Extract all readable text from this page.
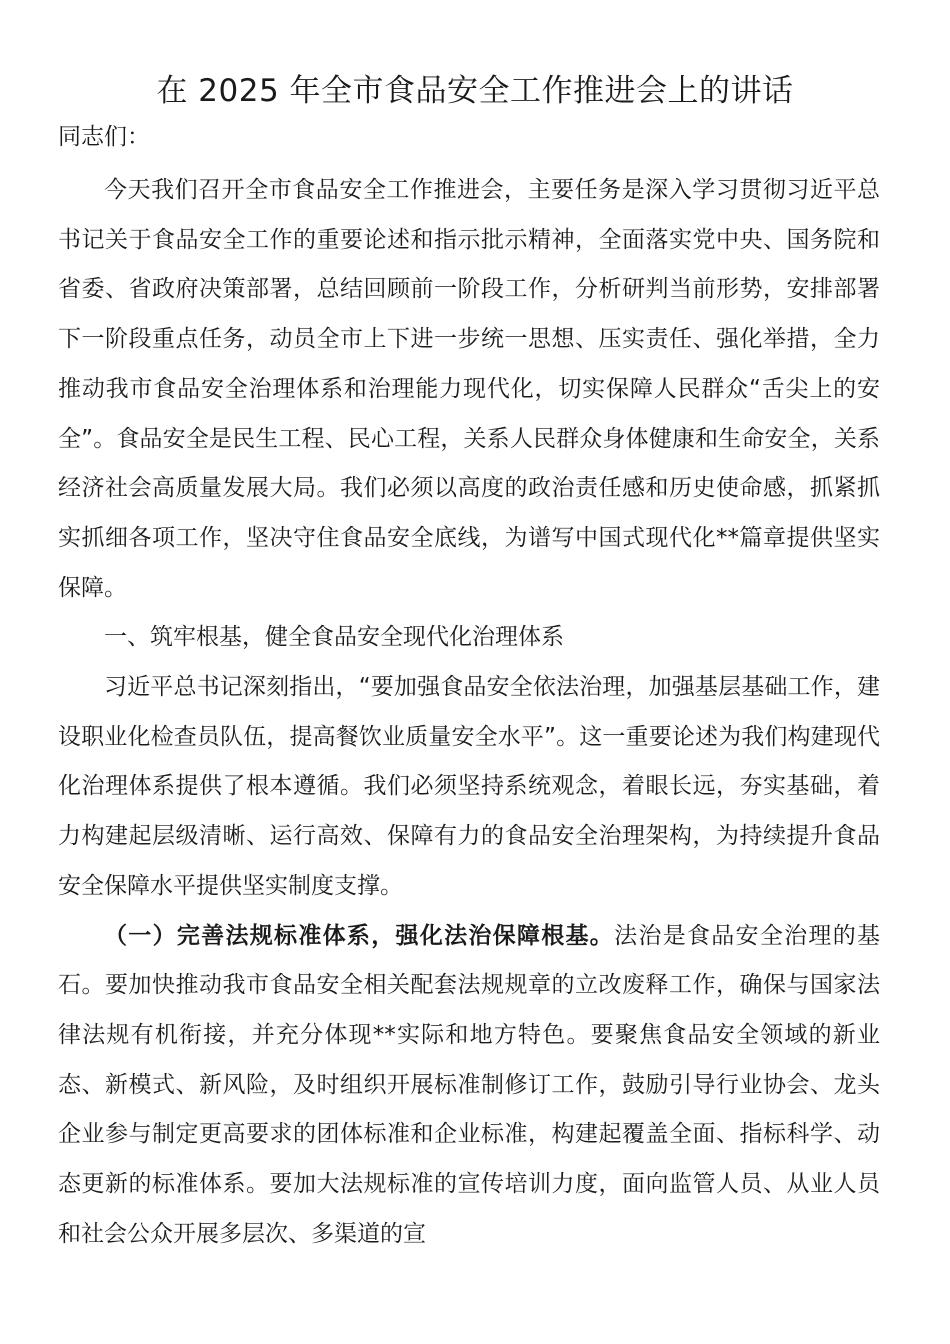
在 2025 年全市食品安全工作推进会上的讲话

同志们：

今天我们召开全市食品安全工作推进会，主要任务是深入学习贯彻习近平总书记关于食品安全工作的重要论述和指示批示精神，全面落实党中央、国务院和省委、省政府决策部署，总结回顾前一阶段工作，分析研判当前形势，安排部署下一阶段重点任务，动员全市上下进一步统一思想、压实责任、强化举措，全力推动我市食品安全治理体系和治理能力现代化，切实保障人民群众“舌尖上的安全”。食品安全是民生工程、民心工程，关系人民群众身体健康和生命安全，关系经济社会高质量发展大局。我们必须以高度的政治责任感和历史使命感，抓紧抓实抓细各项工作，坚决守住食品安全底线，为谱写中国式现代化**篇章提供坚实保障。

一、筑牢根基，健全食品安全现代化治理体系

习近平总书记深刻指出，“要加强食品安全依法治理，加强基层基础工作，建设职业化检查员队伍，提高餐饮业质量安全水平”。这一重要论述为我们构建现代化治理体系提供了根本遵循。我们必须坚持系统观念，着眼长远，夯实基础，着力构建起层级清晰、运行高效、保障有力的食品安全治理架构，为持续提升食品安全保障水平提供坚实制度支撑。

（一）完善法规标准体系，强化法治保障根基。法治是食品安全治理的基石。要加快推动我市食品安全相关配套法规规章的立改废释工作，确保与国家法律法规有机衔接，并充分体现**实际和地方特色。要聚焦食品安全领域的新业态、新模式、新风险，及时组织开展标准制修订工作，鼓励引导行业协会、龙头企业参与制定更高要求的团体标准和企业标准，构建起覆盖全面、指标科学、动态更新的标准体系。要加大法规标准的宣传培训力度，面向监管人员、从业人员和社会公众开展多层次、多渠道的宣
